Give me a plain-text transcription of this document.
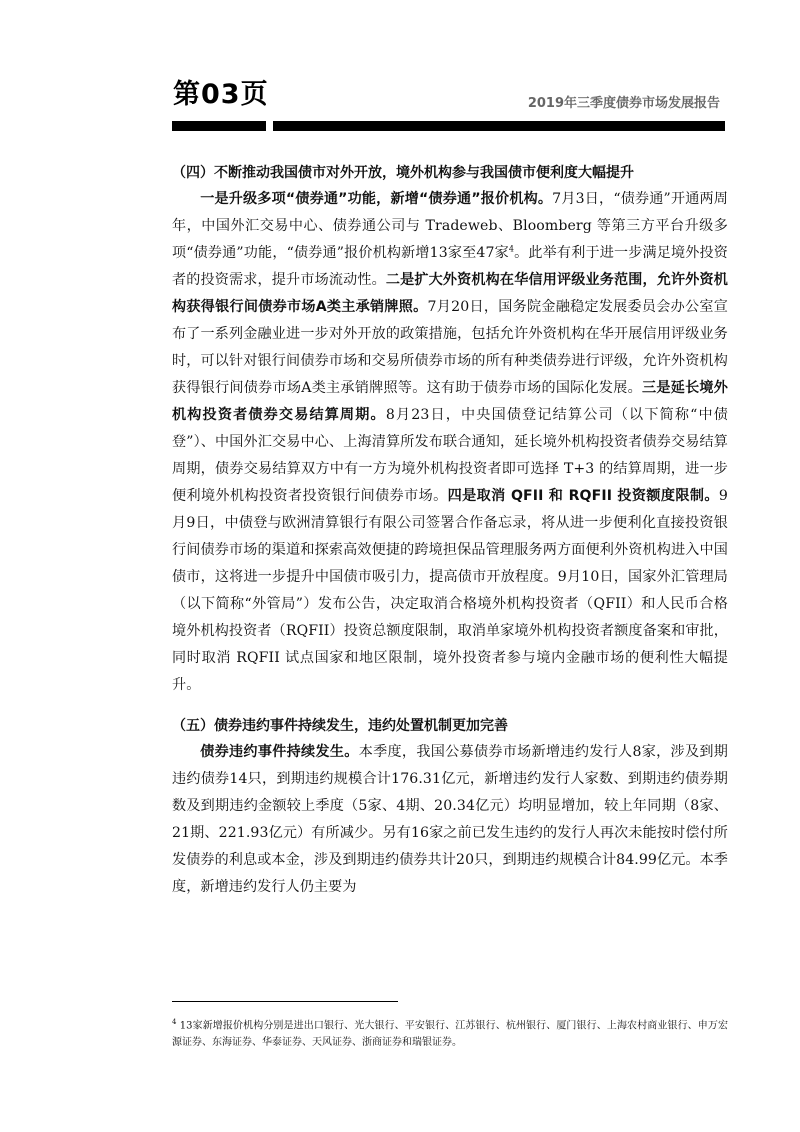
第03页	2019年三季度债券市场发展报告

（四）不断推动我国债市对外开放，境外机构参与我国债市便利度大幅提升

一是升级多项“债券通”功能，新增“债券通”报价机构。7月3日，“债券通”开通两周年，中国外汇交易中心、债券通公司与 Tradeweb、Bloomberg 等第三方平台升级多项“债券通”功能，“债券通”报价机构新增13家至47家$^4$。此举有利于进一步满足境外投资者的投资需求，提升市场流动性。二是扩大外资机构在华信用评级业务范围，允许外资机构获得银行间债券市场A类主承销牌照。7月20日，国务院金融稳定发展委员会办公室宣布了一系列金融业进一步对外开放的政策措施，包括允许外资机构在华开展信用评级业务时，可以针对银行间债券市场和交易所债券市场的所有种类债券进行评级，允许外资机构获得银行间债券市场A类主承销牌照等。这有助于债券市场的国际化发展。三是延长境外机构投资者债券交易结算周期。8月23日，中央国债登记结算公司（以下简称“中债登”）、中国外汇交易中心、上海清算所发布联合通知，延长境外机构投资者债券交易结算周期，债券交易结算双方中有一方为境外机构投资者即可选择 T+3 的结算周期，进一步便利境外机构投资者投资银行间债券市场。四是取消 QFII 和 RQFII 投资额度限制。9月9日，中债登与欧洲清算银行有限公司签署合作备忘录，将从进一步便利化直接投资银行间债券市场的渠道和探索高效便捷的跨境担保品管理服务两方面便利外资机构进入中国债市，这将进一步提升中国债市吸引力，提高债市开放程度。9月10日，国家外汇管理局（以下简称“外管局”）发布公告，决定取消合格境外机构投资者（QFII）和人民币合格境外机构投资者（RQFII）投资总额度限制，取消单家境外机构投资者额度备案和审批，同时取消 RQFII 试点国家和地区限制，境外投资者参与境内金融市场的便利性大幅提升。

（五）债券违约事件持续发生，违约处置机制更加完善

债券违约事件持续发生。本季度，我国公募债券市场新增违约发行人8家，涉及到期违约债券14只，到期违约规模合计176.31亿元，新增违约发行人家数、到期违约债券期数及到期违约金额较上季度（5家、4期、20.34亿元）均明显增加，较上年同期（8家、21期、221.93亿元）有所减少。另有16家之前已发生违约的发行人再次未能按时偿付所发债券的利息或本金，涉及到期违约债券共计20只，到期违约规模合计84.99亿元。本季度，新增违约发行人仍主要为

$^4$ 13家新增报价机构分别是进出口银行、光大银行、平安银行、江苏银行、杭州银行、厦门银行、上海农村商业银行、申万宏源证券、东海证券、华泰证券、天风证券、浙商证券和瑞银证券。
